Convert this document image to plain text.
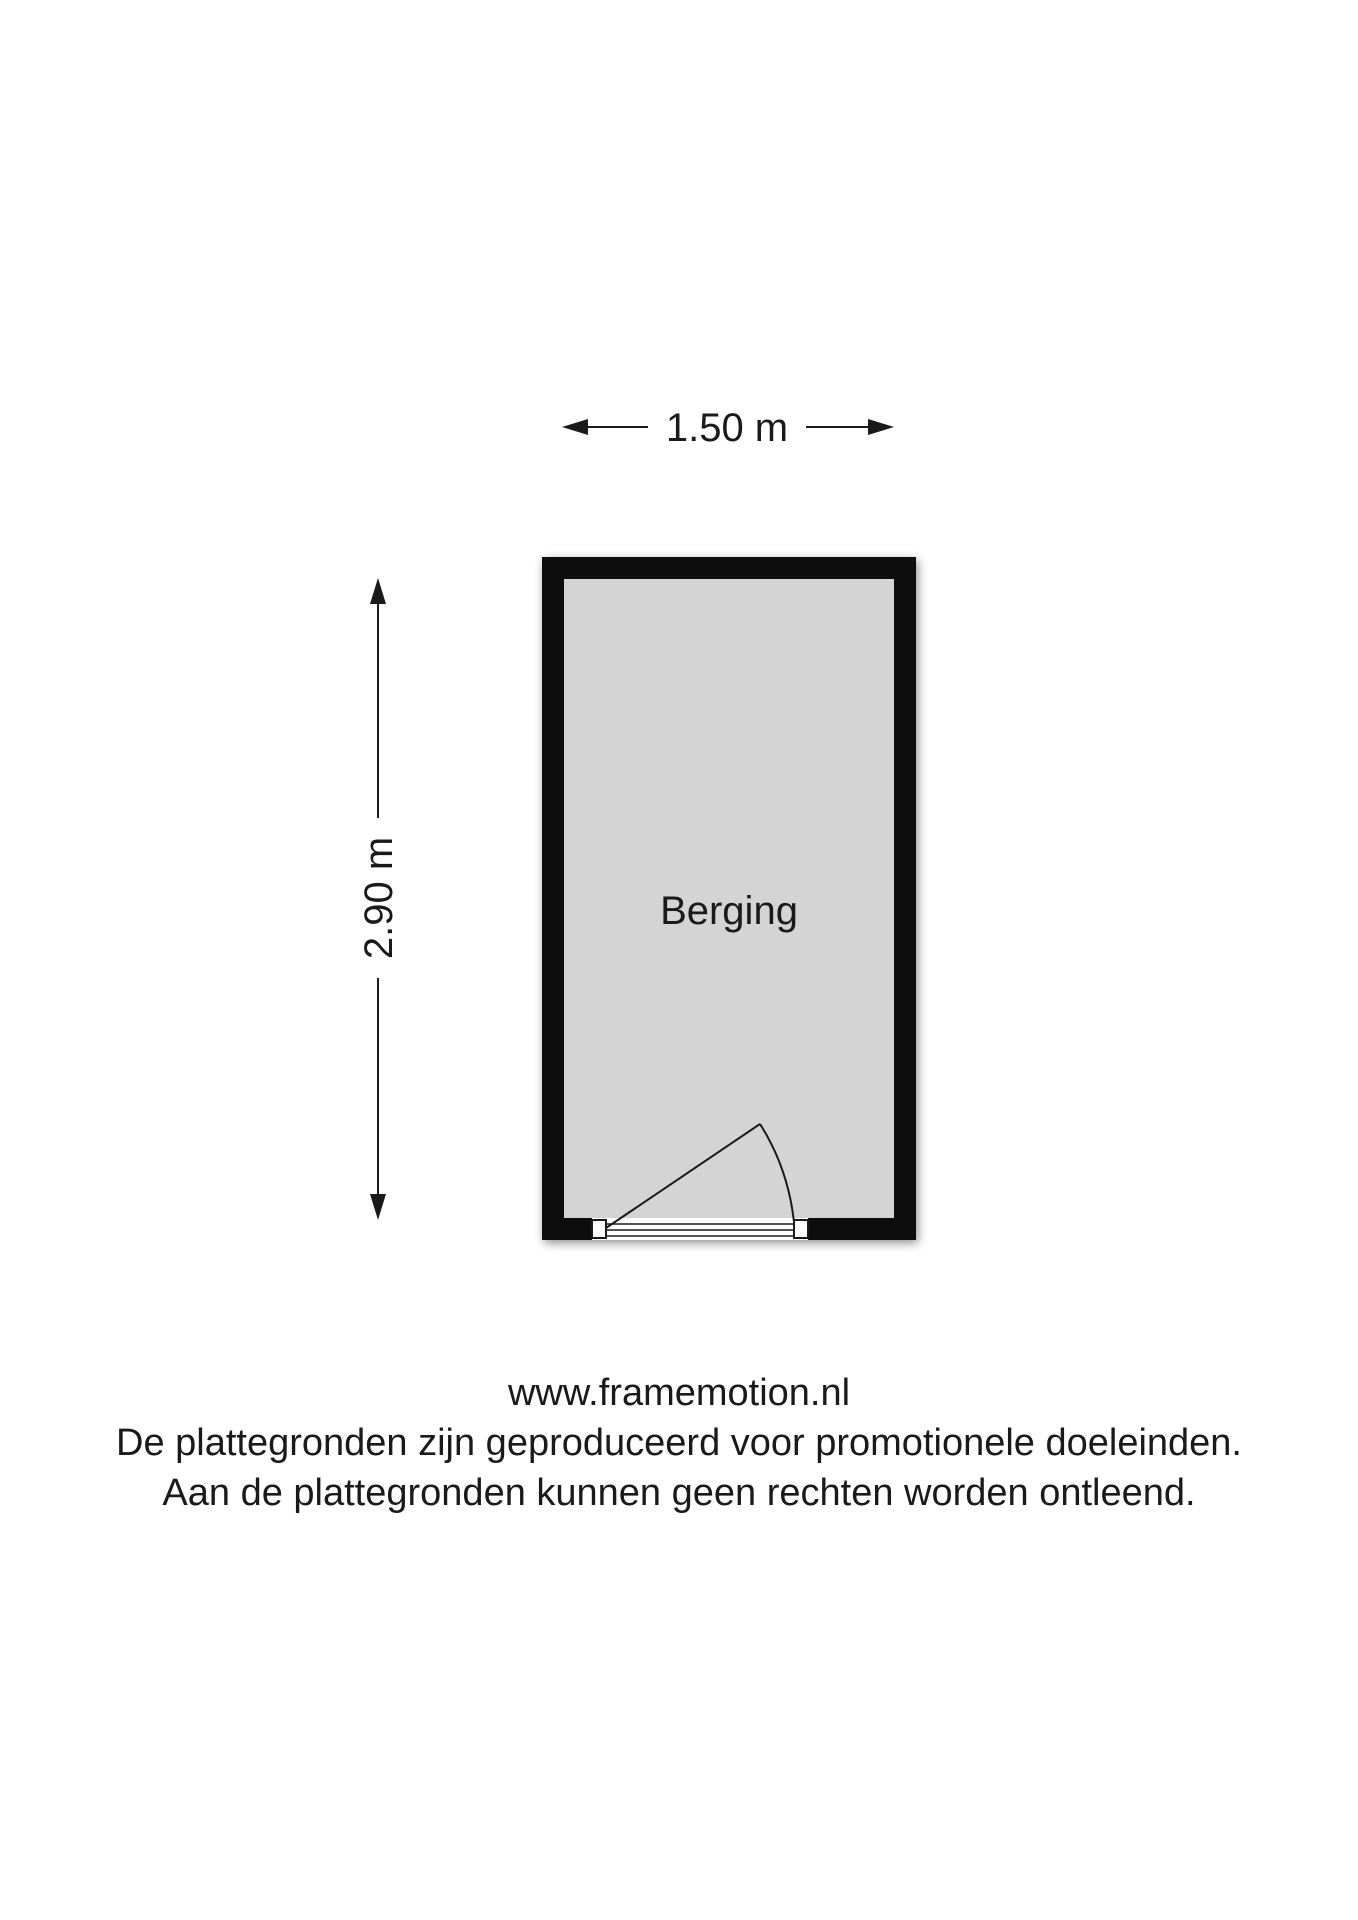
1.50 m
2.90 m	Berging
www.framemotion.nl
De plattegronden zijn geproduceerd voor promotionele doeleinden.
Aan de plattegronden kunnen geen rechten worden ontleend.
